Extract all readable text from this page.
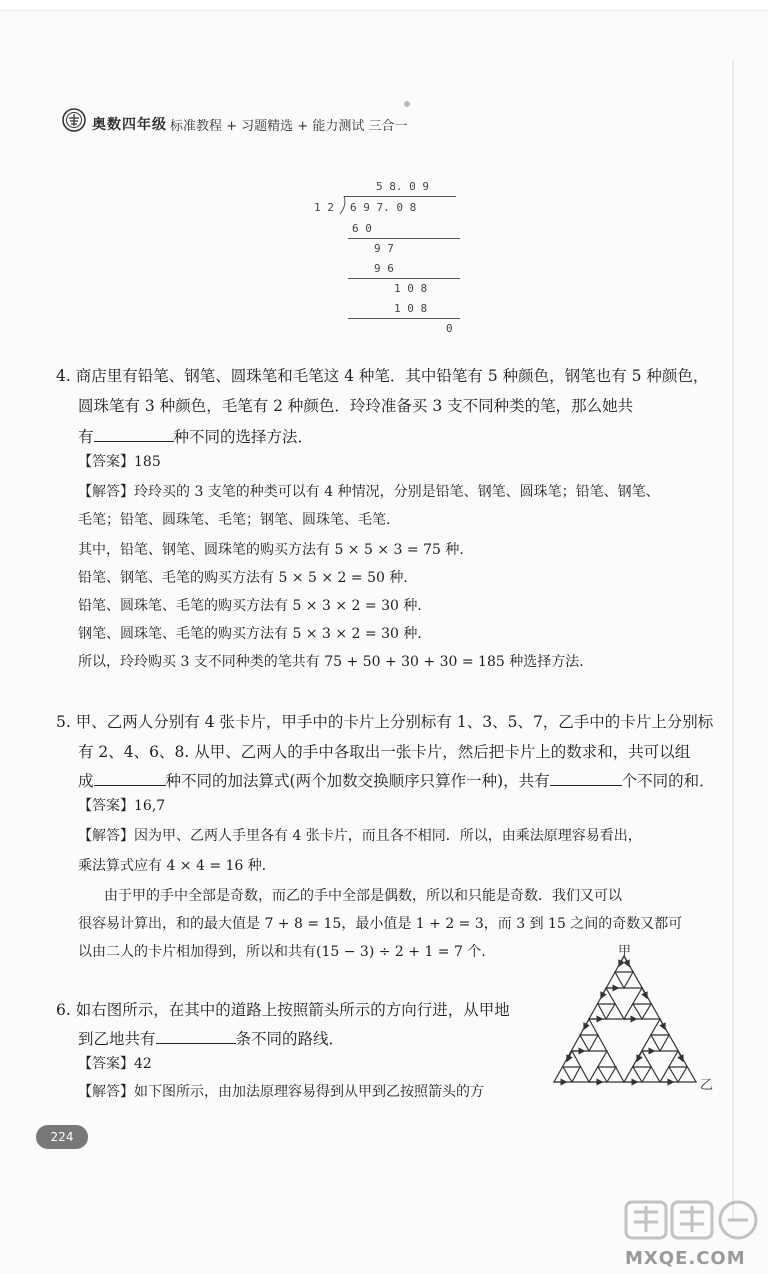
奥数四年级 标准教程 + 习题精选 + 能力测试 三合一
5 8. 0 9
1 2 6 9 7. 0 8
6 0
9 7
9 6
1 0 8
1 0 8
0
4. 商店里有铅笔、钢笔、圆珠笔和毛笔这 4 种笔．其中铅笔有 5 种颜色，钢笔也有 5 种颜色，
圆珠笔有 3 种颜色，毛笔有 2 种颜色．玲玲准备买 3 支不同种类的笔，那么她共
有	种不同的选择方法．
【答案】185
【解答】玲玲买的 3 支笔的种类可以有 4 种情况，分别是铅笔、钢笔、圆珠笔；铅笔、钢笔、
毛笔；铅笔、圆珠笔、毛笔；钢笔、圆珠笔、毛笔．
其中，铅笔、钢笔、圆珠笔的购买方法有 5 × 5 × 3 = 75 种．
铅笔、钢笔、毛笔的购买方法有 5 × 5 × 2 = 50 种．
铅笔、圆珠笔、毛笔的购买方法有 5 × 3 × 2 = 30 种．
钢笔、圆珠笔、毛笔的购买方法有 5 × 3 × 2 = 30 种．
所以，玲玲购买 3 支不同种类的笔共有 75 + 50 + 30 + 30 = 185 种选择方法．
5. 甲、乙两人分别有 4 张卡片，甲手中的卡片上分别标有 1、3、5、7，乙手中的卡片上分别标
有 2、4、6、8. 从甲、乙两人的手中各取出一张卡片，然后把卡片上的数求和，共可以组
成	种不同的加法算式(两个加数交换顺序只算作一种)，共有	个不同的和．
【答案】16,7
【解答】因为甲、乙两人手里各有 4 张卡片，而且各不相同．所以，由乘法原理容易看出，
乘法算式应有 4 × 4 = 16 种．
由于甲的手中全部是奇数，而乙的手中全部是偶数，所以和只能是奇数．我们又可以
很容易计算出，和的最大值是 7 + 8 = 15，最小值是 1 + 2 = 3，而 3 到 15 之间的奇数又都可
以由二人的卡片相加得到，所以和共有(15 − 3) ÷ 2 + 1 = 7 个．
6. 如右图所示，在其中的道路上按照箭头所示的方向行进，从甲地
到乙地共有	条不同的路线．
【答案】42
【解答】如下图所示，由加法原理容易得到从甲到乙按照箭头的方
甲
乙
224
MXQE.COM
